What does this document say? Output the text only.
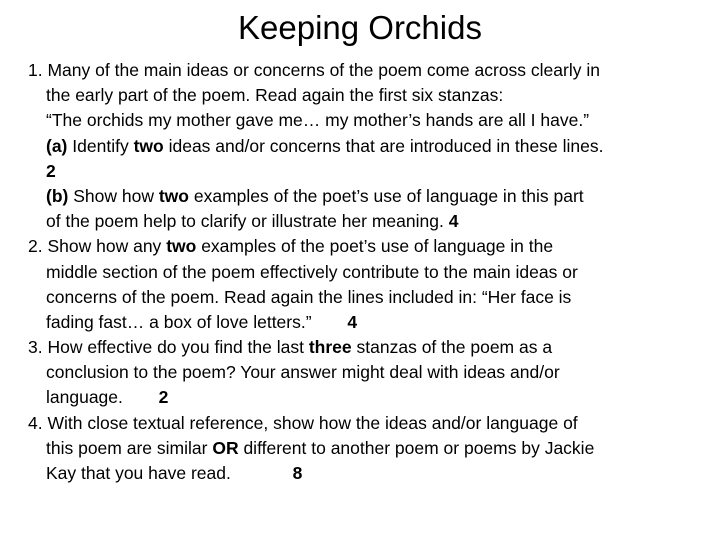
Keeping Orchids
1. Many of the main ideas or concerns of the poem come across clearly in
the early part of the poem. Read again the first six stanzas:
“The orchids my mother gave me… my mother’s hands are all I have.”
(a) Identify two ideas and/or concerns that are introduced in these lines.
2
(b) Show how two examples of the poet’s use of language in this part
of the poem help to clarify or illustrate her meaning. 4
2. Show how any two examples of the poet’s use of language in the
middle section of the poem effectively contribute to the main ideas or
concerns of the poem. Read again the lines included in: “Her face is
fading fast… a box of love letters.” 4
3. How effective do you find the last three stanzas of the poem as a
conclusion to the poem? Your answer might deal with ideas and/or
language. 2
4. With close textual reference, show how the ideas and/or language of
this poem are similar OR different to another poem or poems by Jackie
Kay that you have read.	8
